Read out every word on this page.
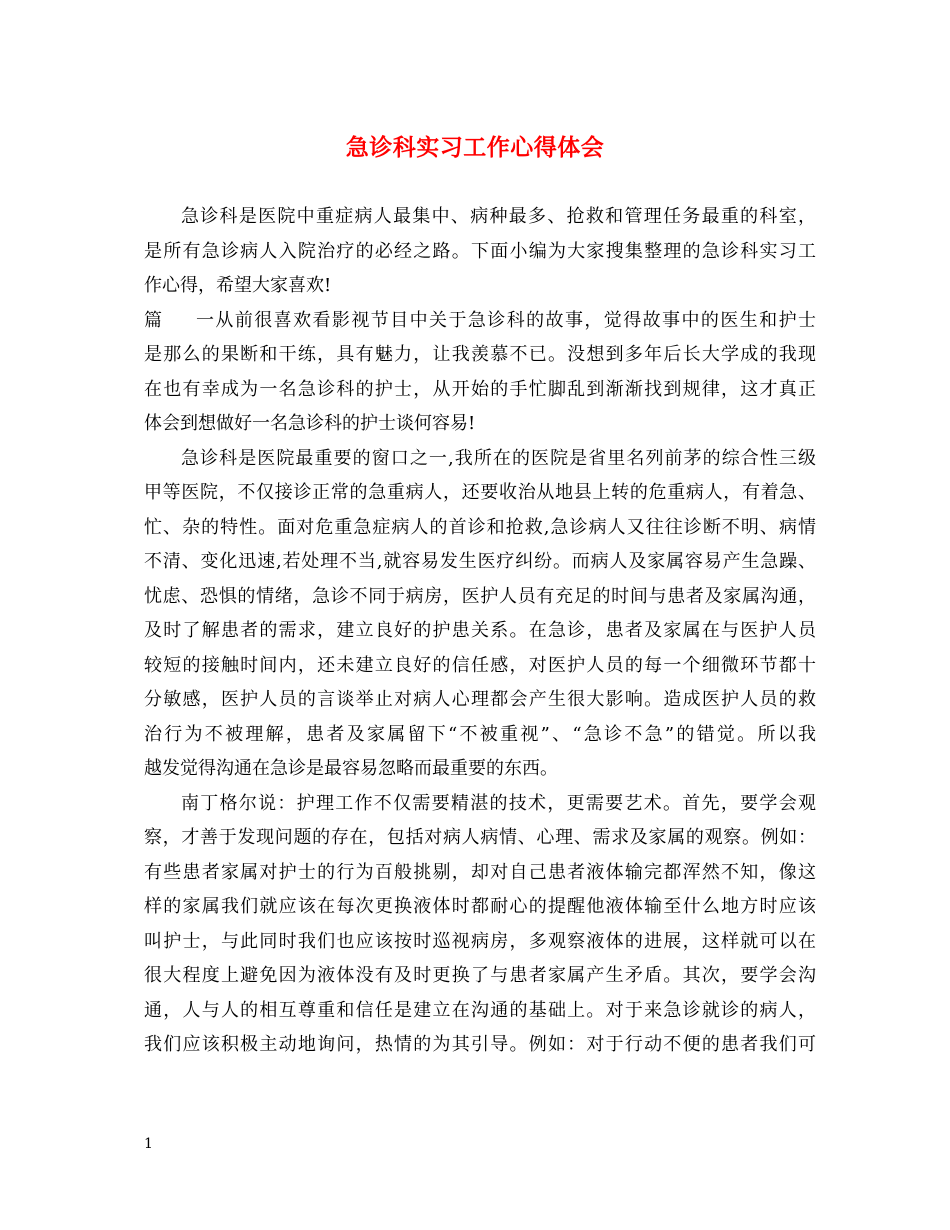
急诊科实习工作心得体会
急诊科是医院中重症病人最集中、病种最多、抢救和管理任务最重的科室，
是所有急诊病人入院治疗的必经之路。下面小编为大家搜集整理的急诊科实习工
作心得，希望大家喜欢!
篇一从前很喜欢看影视节目中关于急诊科的故事，觉得故事中的医生和护士
是那么的果断和干练，具有魅力，让我羡慕不已。没想到多年后长大学成的我现
在也有幸成为一名急诊科的护士，从开始的手忙脚乱到渐渐找到规律，这才真正
体会到想做好一名急诊科的护士谈何容易!
急诊科是医院最重要的窗口之一,我所在的医院是省里名列前茅的综合性三级
甲等医院，不仅接诊正常的急重病人，还要收治从地县上转的危重病人，有着急、
忙、杂的特性。面对危重急症病人的首诊和抢救,急诊病人又往往诊断不明、病情
不清、变化迅速,若处理不当,就容易发生医疗纠纷。而病人及家属容易产生急躁、
忧虑、恐惧的情绪，急诊不同于病房，医护人员有充足的时间与患者及家属沟通，
及时了解患者的需求，建立良好的护患关系。在急诊，患者及家属在与医护人员
较短的接触时间内，还未建立良好的信任感，对医护人员的每一个细微环节都十
分敏感，医护人员的言谈举止对病人心理都会产生很大影响。造成医护人员的救
治行为不被理解，患者及家属留下“不被重视”、“急诊不急”的错觉。所以我
越发觉得沟通在急诊是最容易忽略而最重要的东西。
南丁格尔说：护理工作不仅需要精湛的技术，更需要艺术。首先，要学会观
察，才善于发现问题的存在，包括对病人病情、心理、需求及家属的观察。例如：
有些患者家属对护士的行为百般挑剔，却对自己患者液体输完都浑然不知，像这
样的家属我们就应该在每次更换液体时都耐心的提醒他液体输至什么地方时应该
叫护士，与此同时我们也应该按时巡视病房，多观察液体的进展，这样就可以在
很大程度上避免因为液体没有及时更换了与患者家属产生矛盾。其次，要学会沟
通，人与人的相互尊重和信任是建立在沟通的基础上。对于来急诊就诊的病人，
我们应该积极主动地询问，热情的为其引导。例如：对于行动不便的患者我们可
1
